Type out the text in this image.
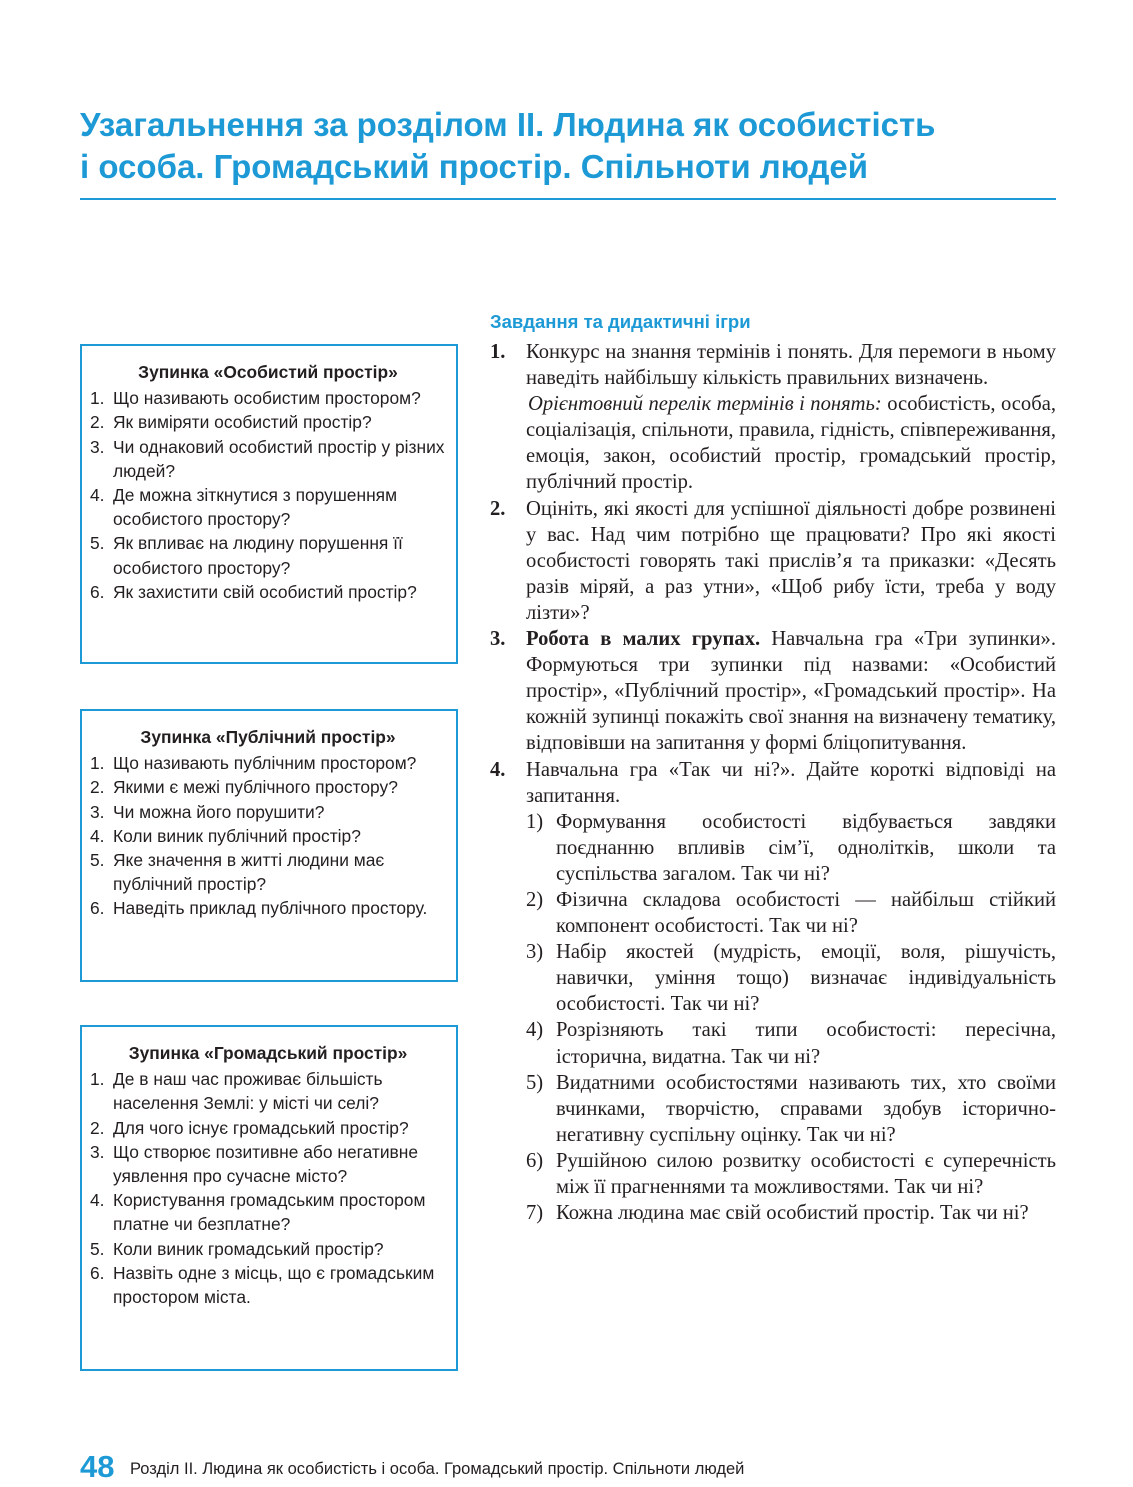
Узагальнення за розділом II. Людина як особистість
і особа. Громадський простір. Спільноти людей
Зупинка «Особистий простір»
1. Що називають особистим простором?
2. Як виміряти особистий простір?
3. Чи однаковий особистий простір у різних людей?
4. Де можна зіткнутися з порушенням особистого простору?
5. Як впливає на людину порушення її особистого простору?
6. Як захистити свій особистий простір?
Зупинка «Публічний простір»
1. Що називають публічним простором?
2. Якими є межі публічного простору?
3. Чи можна його порушити?
4. Коли виник публічний простір?
5. Яке значення в житті людини має публічний простір?
6. Наведіть приклад публічного простору.
Зупинка «Громадський простір»
1. Де в наш час проживає більшість населення Землі: у місті чи селі?
2. Для чого існує громадський простір?
3. Що створює позитивне або негативне уявлення про сучасне місто?
4. Користування громадським простором платне чи безплатне?
5. Коли виник громадський простір?
6. Назвіть одне з місць, що є громадським простором міста.
Завдання та дидактичні ігри
1. Конкурс на знання термінів і понять. Для перемоги в ньому наведіть найбільшу кількість правильних визначень.

Орієнтовний перелік термінів і понять: особистість, особа, соціалізація, спільноти, правила, гідність, співпереживання, емоція, закон, особистий простір, громадський простір, публічний простір.

2. Оцініть, які якості для успішної діяльності добре розвинені у вас. Над чим потрібно ще працювати? Про які якості особистості говорять такі прислів’я та приказки: «Десять разів міряй, а раз утни», «Щоб рибу їсти, треба у воду лізти»?

3. Робота в малих групах. Навчальна гра «Три зупинки». Формуються три зупинки під назвами: «Особистий простір», «Публічний простір», «Громадський простір». На кожній зупинці покажіть свої знання на визначену тематику, відповівши на запитання у формі бліцопитування.

4. Навчальна гра «Так чи ні?». Дайте короткі відповіді на запитання.

1) Формування особистості відбувається завдяки поєднанню впливів сім’ї, однолітків, школи та суспільства загалом. Так чи ні?
2) Фізична складова особистості — найбільш стійкий компонент особистості. Так чи ні?
3) Набір якостей (мудрість, емоції, воля, рішучість, навички, уміння тощо) визначає індивідуальність особистості. Так чи ні?
4) Розрізняють такі типи особистості: пересічна, історична, видатна. Так чи ні?
5) Видатними особистостями називають тих, хто своїми вчинками, творчістю, справами здобув історично-негативну суспільну оцінку. Так чи ні?
6) Рушійною силою розвитку особистості є суперечність між її прагненнями та можливостями. Так чи ні?
7) Кожна людина має свій особистий простір. Так чи ні?
48 Розділ II. Людина як особистість і особа. Громадський простір. Спільноти людей
